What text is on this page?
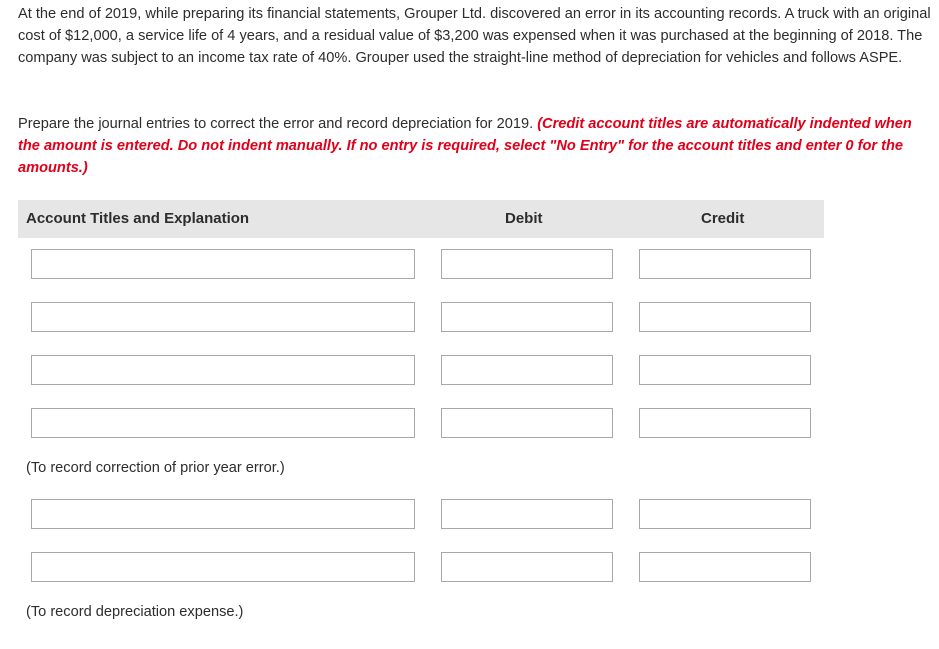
At the end of 2019, while preparing its financial statements, Grouper Ltd. discovered an error in its accounting records. A truck with an original cost of $12,000, a service life of 4 years, and a residual value of $3,200 was expensed when it was purchased at the beginning of 2018. The company was subject to an income tax rate of 40%. Grouper used the straight-line method of depreciation for vehicles and follows ASPE.

Prepare the journal entries to correct the error and record depreciation for 2019. (Credit account titles are automatically indented when the amount is entered. Do not indent manually. If no entry is required, select "No Entry" for the account titles and enter 0 for the amounts.)

Account Titles and Explanation	Debit	Credit
(To record correction of prior year error.)
(To record depreciation expense.)
